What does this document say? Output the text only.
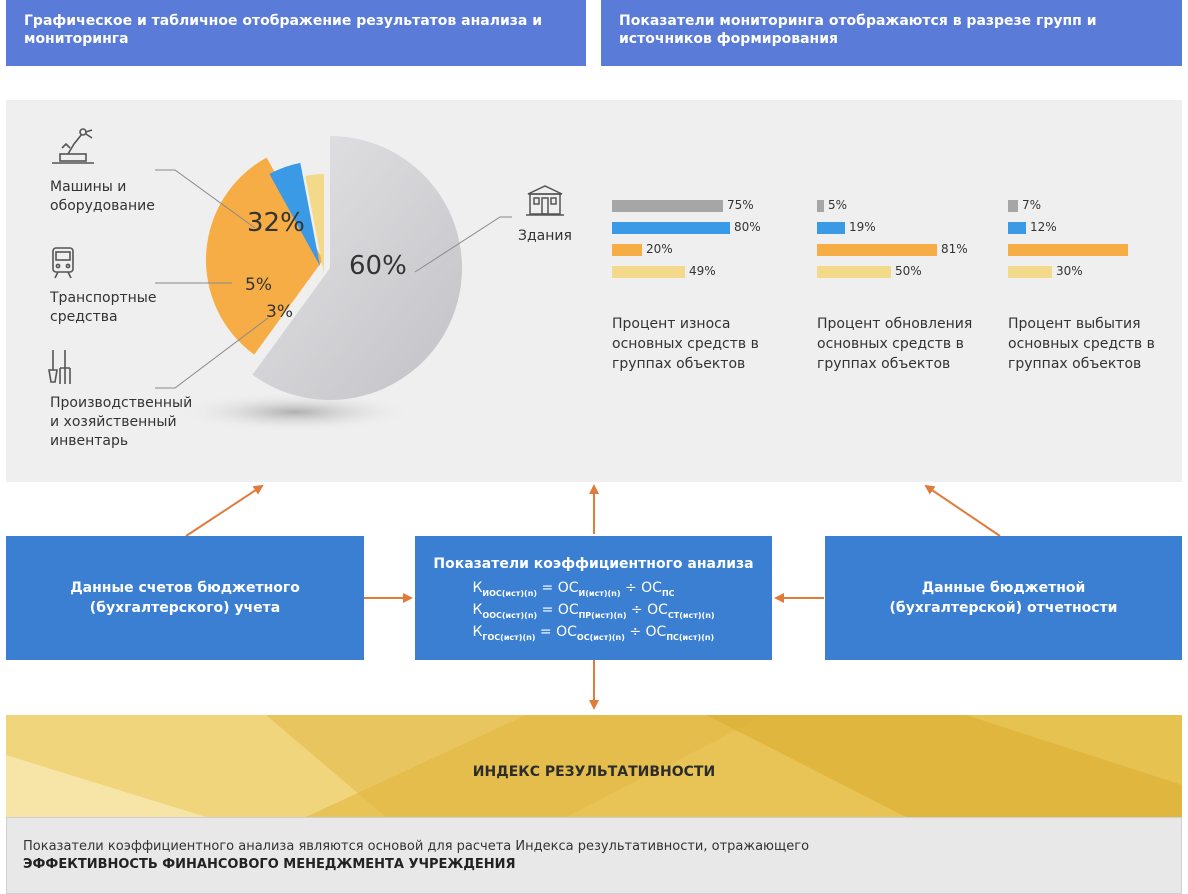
Графическое и табличное отображение результатов анализа и мониторинга
Показатели мониторинга отображаются в разрезе групп и источников формирования
32%
60%
5%
3%
Машины и оборудование
Транспортные средства
Производственный и хозяйственный инвентарь
Здания
75%
80%
20%
49%
Процент износа основных средств в группах объектов
5%
19%
81%
50%
Процент обновления основных средств в группах объектов
7%
12%
30%
Процент выбытия основных средств в группах объектов
Данные счетов бюджетного (бухгалтерского) учета
Показатели коэффициентного анализа
$К_{ИОС(ист)(n)} = ОС_{И(ист)(n)} \div ОС_{ПС}$
$К_{ООС(ист)(n)} = ОС_{ПР(ист)(n)} \div ОС_{СТ(ист)(n)}$
$К_{ГОС(ист)(n)} = ОС_{ОС(ист)(n)} \div ОС_{ПС(ист)(n)}$
Данные бюджетной (бухгалтерской) отчетности
ИНДЕКС РЕЗУЛЬТАТИВНОСТИ
Показатели коэффициентного анализа являются основой для расчета Индекса результативности, отражающего
ЭФФЕКТИВНОСТЬ ФИНАНСОВОГО МЕНЕДЖМЕНТА УЧРЕЖДЕНИЯ
